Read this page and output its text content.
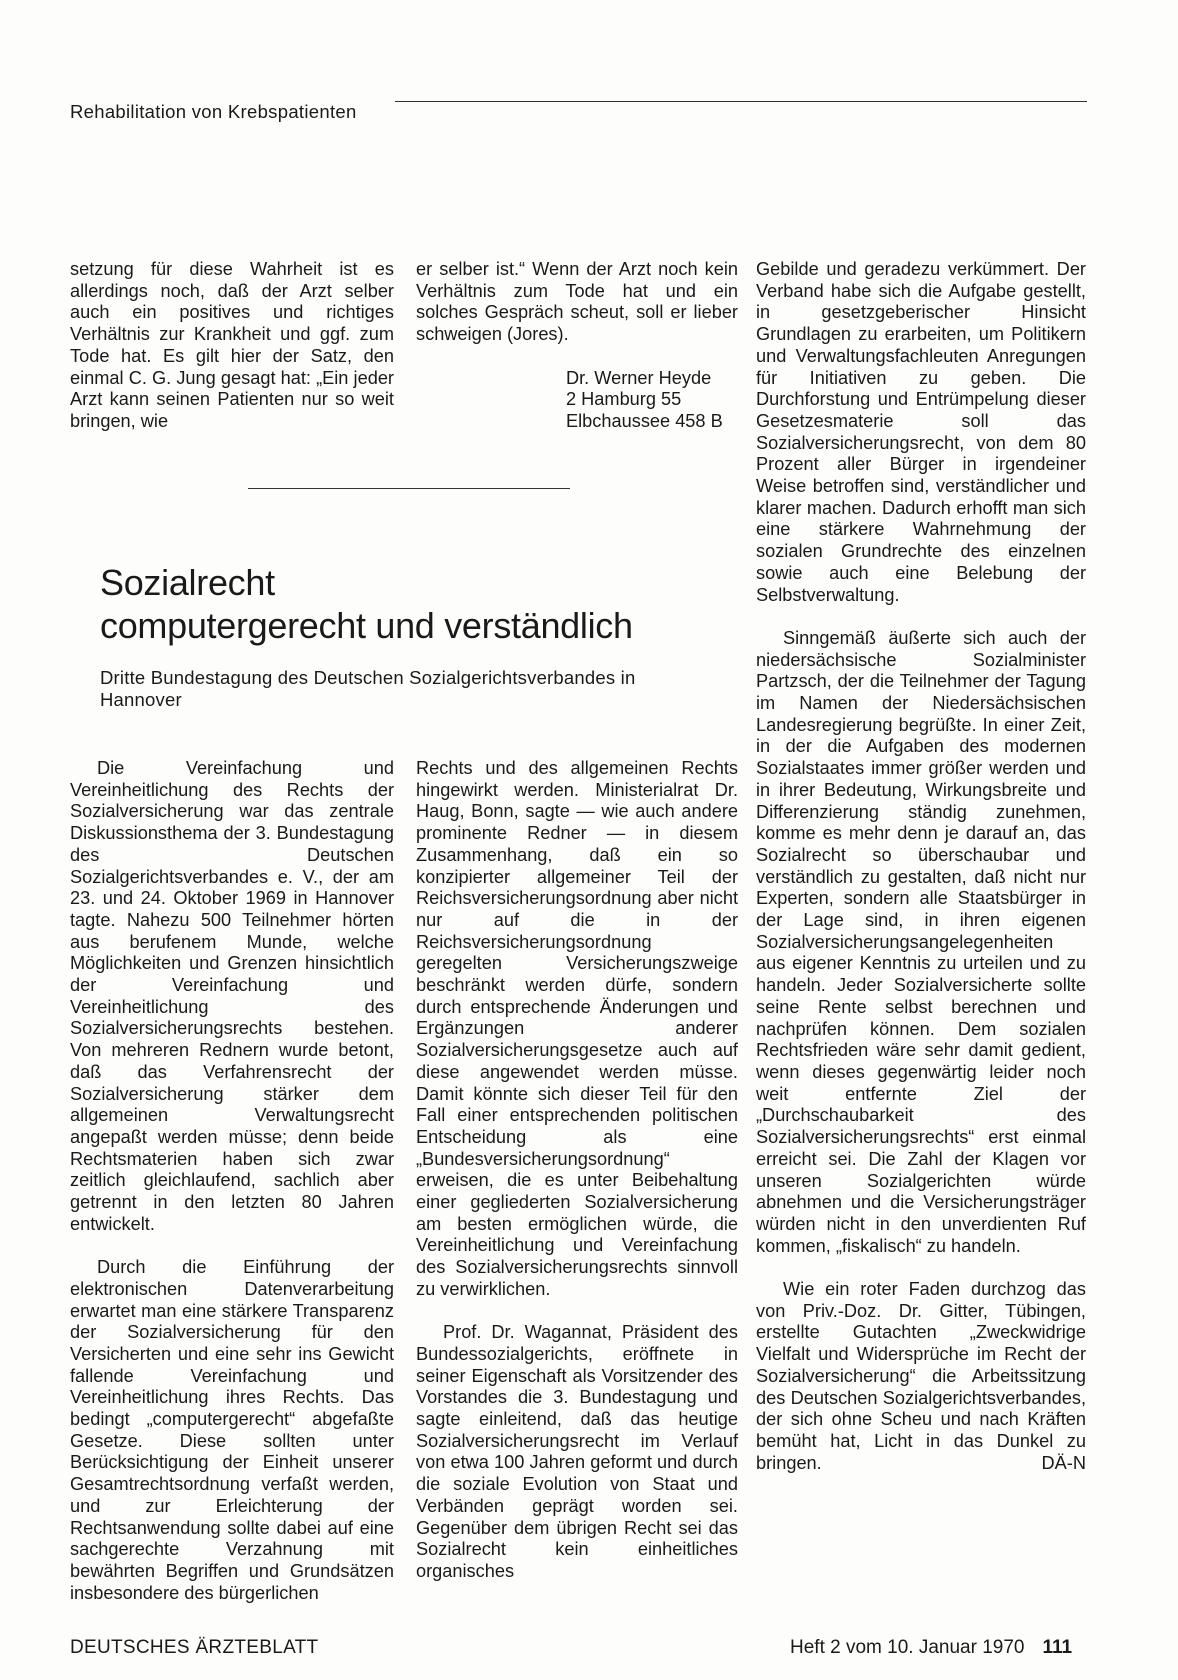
Rehabilitation von Krebspatienten

setzung für diese Wahrheit ist es allerdings noch, daß der Arzt selber auch ein positives und richtiges Verhältnis zur Krankheit und ggf. zum Tode hat. Es gilt hier der Satz, den einmal C. G. Jung gesagt hat: „Ein jeder Arzt kann seinen Patienten nur so weit bringen, wie

er selber ist.“ Wenn der Arzt noch kein Verhältnis zum Tode hat und ein solches Gespräch scheut, soll er lieber schweigen (Jores).

Dr. Werner Heyde
2 Hamburg 55
Elbchaussee 458 B
Sozialrecht
computergerecht und verständlich

Dritte Bundestagung des Deutschen Sozialgerichtsverbandes in Hannover

Die Vereinfachung und Vereinheitlichung des Rechts der Sozialversicherung war das zentrale Diskussionsthema der 3. Bundestagung des Deutschen Sozialgerichtsverbandes e. V., der am 23. und 24. Oktober 1969 in Hannover tagte. Nahezu 500 Teilnehmer hörten aus berufenem Munde, welche Möglichkeiten und Grenzen hinsichtlich der Vereinfachung und Vereinheitlichung des Sozialversicherungsrechts bestehen. Von mehreren Rednern wurde betont, daß das Verfahrensrecht der Sozialversicherung stärker dem allgemeinen Verwaltungsrecht angepaßt werden müsse; denn beide Rechtsmaterien haben sich zwar zeitlich gleichlaufend, sachlich aber getrennt in den letzten 80 Jahren entwickelt.

Durch die Einführung der elektronischen Datenverarbeitung erwartet man eine stärkere Transparenz der Sozialversicherung für den Versicherten und eine sehr ins Gewicht fallende Vereinfachung und Vereinheitlichung ihres Rechts. Das bedingt „computergerecht“ abgefaßte Gesetze. Diese sollten unter Berücksichtigung der Einheit unserer Gesamtrechtsordnung verfaßt werden, und zur Erleichterung der Rechtsanwendung sollte dabei auf eine sachgerechte Verzahnung mit bewährten Begriffen und Grundsätzen insbesondere des bürgerlichen

Rechts und des allgemeinen Rechts hingewirkt werden. Ministerialrat Dr. Haug, Bonn, sagte — wie auch andere prominente Redner — in diesem Zusammenhang, daß ein so konzipierter allgemeiner Teil der Reichsversicherungsordnung aber nicht nur auf die in der Reichsversicherungsordnung geregelten Versicherungszweige beschränkt werden dürfe, sondern durch entsprechende Änderungen und Ergänzungen anderer Sozialversicherungsgesetze auch auf diese angewendet werden müsse. Damit könnte sich dieser Teil für den Fall einer entsprechenden politischen Entscheidung als eine „Bundesversicherungsordnung“ erweisen, die es unter Beibehaltung einer gegliederten Sozialversicherung am besten ermöglichen würde, die Vereinheitlichung und Vereinfachung des Sozialversicherungsrechts sinnvoll zu verwirklichen.

Prof. Dr. Wagannat, Präsident des Bundessozialgerichts, eröffnete in seiner Eigenschaft als Vorsitzender des Vorstandes die 3. Bundestagung und sagte einleitend, daß das heutige Sozialversicherungsrecht im Verlauf von etwa 100 Jahren geformt und durch die soziale Evolution von Staat und Verbänden geprägt worden sei. Gegenüber dem übrigen Recht sei das Sozialrecht kein einheitliches organisches

Gebilde und geradezu verkümmert. Der Verband habe sich die Aufgabe gestellt, in gesetzgeberischer Hinsicht Grundlagen zu erarbeiten, um Politikern und Verwaltungsfachleuten Anregungen für Initiativen zu geben. Die Durchforstung und Entrümpelung dieser Gesetzesmaterie soll das Sozialversicherungsrecht, von dem 80 Prozent aller Bürger in irgendeiner Weise betroffen sind, verständlicher und klarer machen. Dadurch erhofft man sich eine stärkere Wahrnehmung der sozialen Grundrechte des einzelnen sowie auch eine Belebung der Selbstverwaltung.

Sinngemäß äußerte sich auch der niedersächsische Sozialminister Partzsch, der die Teilnehmer der Tagung im Namen der Niedersächsischen Landesregierung begrüßte. In einer Zeit, in der die Aufgaben des modernen Sozialstaates immer größer werden und in ihrer Bedeutung, Wirkungsbreite und Differenzierung ständig zunehmen, komme es mehr denn je darauf an, das Sozialrecht so überschaubar und verständlich zu gestalten, daß nicht nur Experten, sondern alle Staatsbürger in der Lage sind, in ihren eigenen Sozialversicherungsangelegenheiten aus eigener Kenntnis zu urteilen und zu handeln. Jeder Sozialversicherte sollte seine Rente selbst berechnen und nachprüfen können. Dem sozialen Rechtsfrieden wäre sehr damit gedient, wenn dieses gegenwärtig leider noch weit entfernte Ziel der „Durchschaubarkeit des Sozialversicherungsrechts“ erst einmal erreicht sei. Die Zahl der Klagen vor unseren Sozialgerichten würde abnehmen und die Versicherungsträger würden nicht in den unverdienten Ruf kommen, „fiskalisch“ zu handeln.

Wie ein roter Faden durchzog das von Priv.-Doz. Dr. Gitter, Tübingen, erstellte Gutachten „Zweckwidrige Vielfalt und Widersprüche im Recht der Sozialversicherung“ die Arbeitssitzung des Deutschen Sozialgerichtsverbandes, der sich ohne Scheu und nach Kräften bemüht hat, Licht in das Dunkel zu bringen.	DÄ-N

DEUTSCHES ÄRZTEBLATT	Heft 2 vom 10. Januar 1970 111
